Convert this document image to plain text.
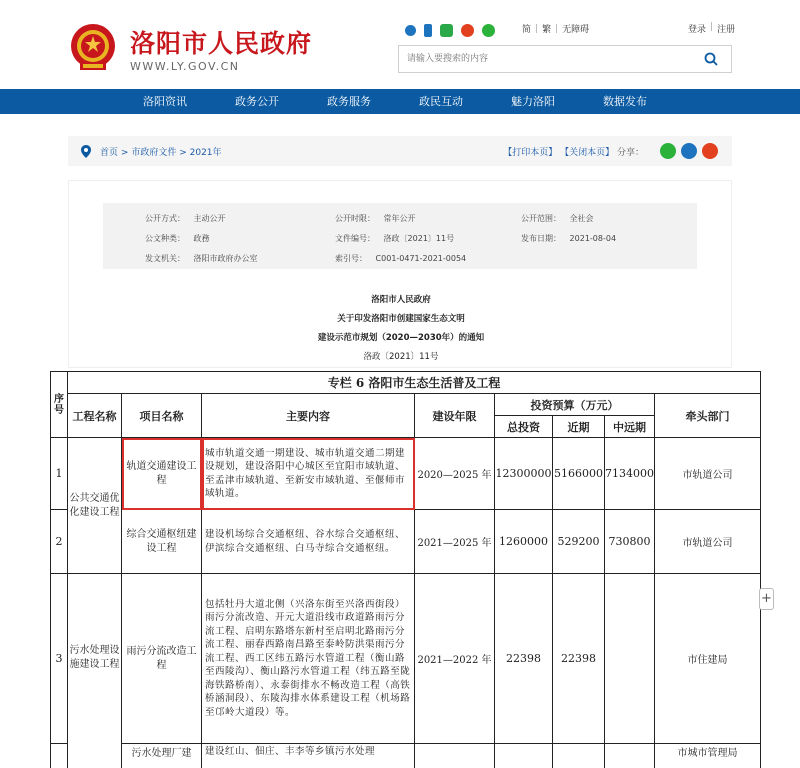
洛阳市人民政府
WWW.LY.GOV.CN
简 | 繁 | 无障碍	登录 | 注册
请输入要搜索的内容
洛阳资讯	政务公开	政务服务	政民互动	魅力洛阳	数据发布
首页 > 市政府文件 > 2021年	【打印本页】 【关闭本页】 分享：
公开方式： 主动公开
公文种类： 政務
发文机关： 洛阳市政府办公室
公开时限： 常年公开
文件编号： 洛政〔2021〕11号
索引号： C001-0471-2021-0054
公开范围： 全社会
发布日期： 2021-08-04
洛阳市人民政府
关于印发洛阳市创建国家生态文明
建设示范市规划（2020—2030年）的通知
洛政〔2021〕11号
序号	专栏 6 洛阳市生态生活普及工程							
	工程名称	项目名称	主要内容	建设年限	投资预算（万元）			牵头部门
					总投资	近期	中远期	
1	公共交通优化建设工程	轨道交通建设工程	城市轨道交通一期建设、城市轨道交通二期建设规划，建设洛阳中心城区至宜阳市域轨道、至孟津市域轨道、至新安市域轨道、至偃师市域轨道。	2020—2025 年	12300000	5166000	7134000	市轨道公司
2		综合交通枢纽建设工程	建设机场综合交通枢纽、谷水综合交通枢纽、伊滨综合交通枢纽、白马寺综合交通枢纽。	2021—2025 年	1260000	529200	730800	市轨道公司
3	污水处理设施建设工程	雨污分流改造工程	包括牡丹大道北侧（兴洛东街至兴洛西街段）雨污分流改造、开元大道沿线市政道路雨污分流工程、启明东路塔东新村至启明北路雨污分流工程、丽春西路南昌路至泰岭防洪渠雨污分流工程、西工区纬五路污水管道工程（衡山路至西陵沟）、衡山路污水管道工程（纬五路至陇海铁路桥南）、永泰街排水不畅改造工程（高铁桥涵洞段）、东陵沟排水体系建设工程（机场路至邙岭大道段）等。	2021—2022 年	22398	22398		市住建局
		污水处理厂建	建设红山、佃庄、丰李等乡镇污水处理					市城市管理局
+
